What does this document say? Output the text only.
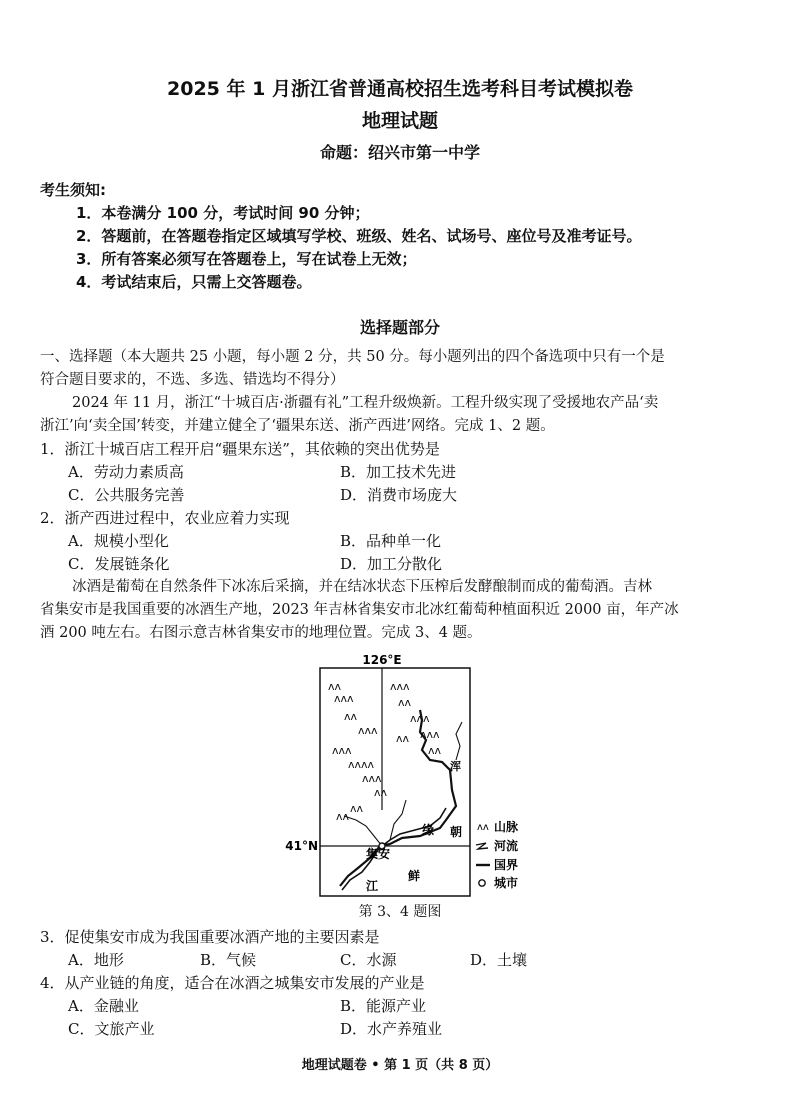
2025 年 1 月浙江省普通高校招生选考科目考试模拟卷
地理试题
命题：绍兴市第一中学
考生须知:
1．本卷满分 100 分，考试时间 90 分钟；
2．答题前，在答题卷指定区域填写学校、班级、姓名、试场号、座位号及准考证号。
3．所有答案必须写在答题卷上，写在试卷上无效；
4．考试结束后，只需上交答题卷。
选择题部分
一、选择题（本大题共 25 小题，每小题 2 分，共 50 分。每小题列出的四个备选项中只有一个是
符合题目要求的，不选、多选、错选均不得分）
2024 年 11 月，浙江“十城百店·浙疆有礼”工程升级焕新。工程升级实现了受援地农产品‘卖
浙江’向‘卖全国’转变，并建立健全了‘疆果东送、浙产西进’网络。完成 1、2 题。
1．浙江十城百店工程开启“疆果东送”，其依赖的突出优势是
A．劳动力素质高	B．加工技术先进
C．公共服务完善	D．消费市场庞大
2．浙产西进过程中，农业应着力实现
A．规模小型化	B．品种单一化
C．发展链条化	D．加工分散化
冰酒是葡萄在自然条件下冰冻后采摘，并在结冰状态下压榨后发酵酿制而成的葡萄酒。吉林
省集安市是我国重要的冰酒生产地，2023 年吉林省集安市北冰红葡萄种植面积近 2000 亩，年产冰
酒 200 吨左右。右图示意吉林省集安市的地理位置。完成 3、4 题。
ʌʌ
ʌʌʌ
ʌʌ
ʌʌʌ
ʌʌʌ
ʌʌʌʌ
ʌʌʌ
ʌʌ
ʌʌʌ
ʌʌ
ʌʌʌ
ʌʌʌ
ʌʌ
ʌʌ
ʌʌ
ʌʌ
126°E
41°N
集安
江
缘 朝
鲜
浑
ʌʌ 山脉
河流
国界
城市
第 3、4 题图
3．促使集安市成为我国重要冰酒产地的主要因素是
A．地形	B．气候	C．水源	D．土壤
4．从产业链的角度，适合在冰酒之城集安市发展的产业是
A．金融业	B．能源产业
C．文旅产业	D．水产养殖业
地理试题卷 • 第 1 页（共 8 页）
